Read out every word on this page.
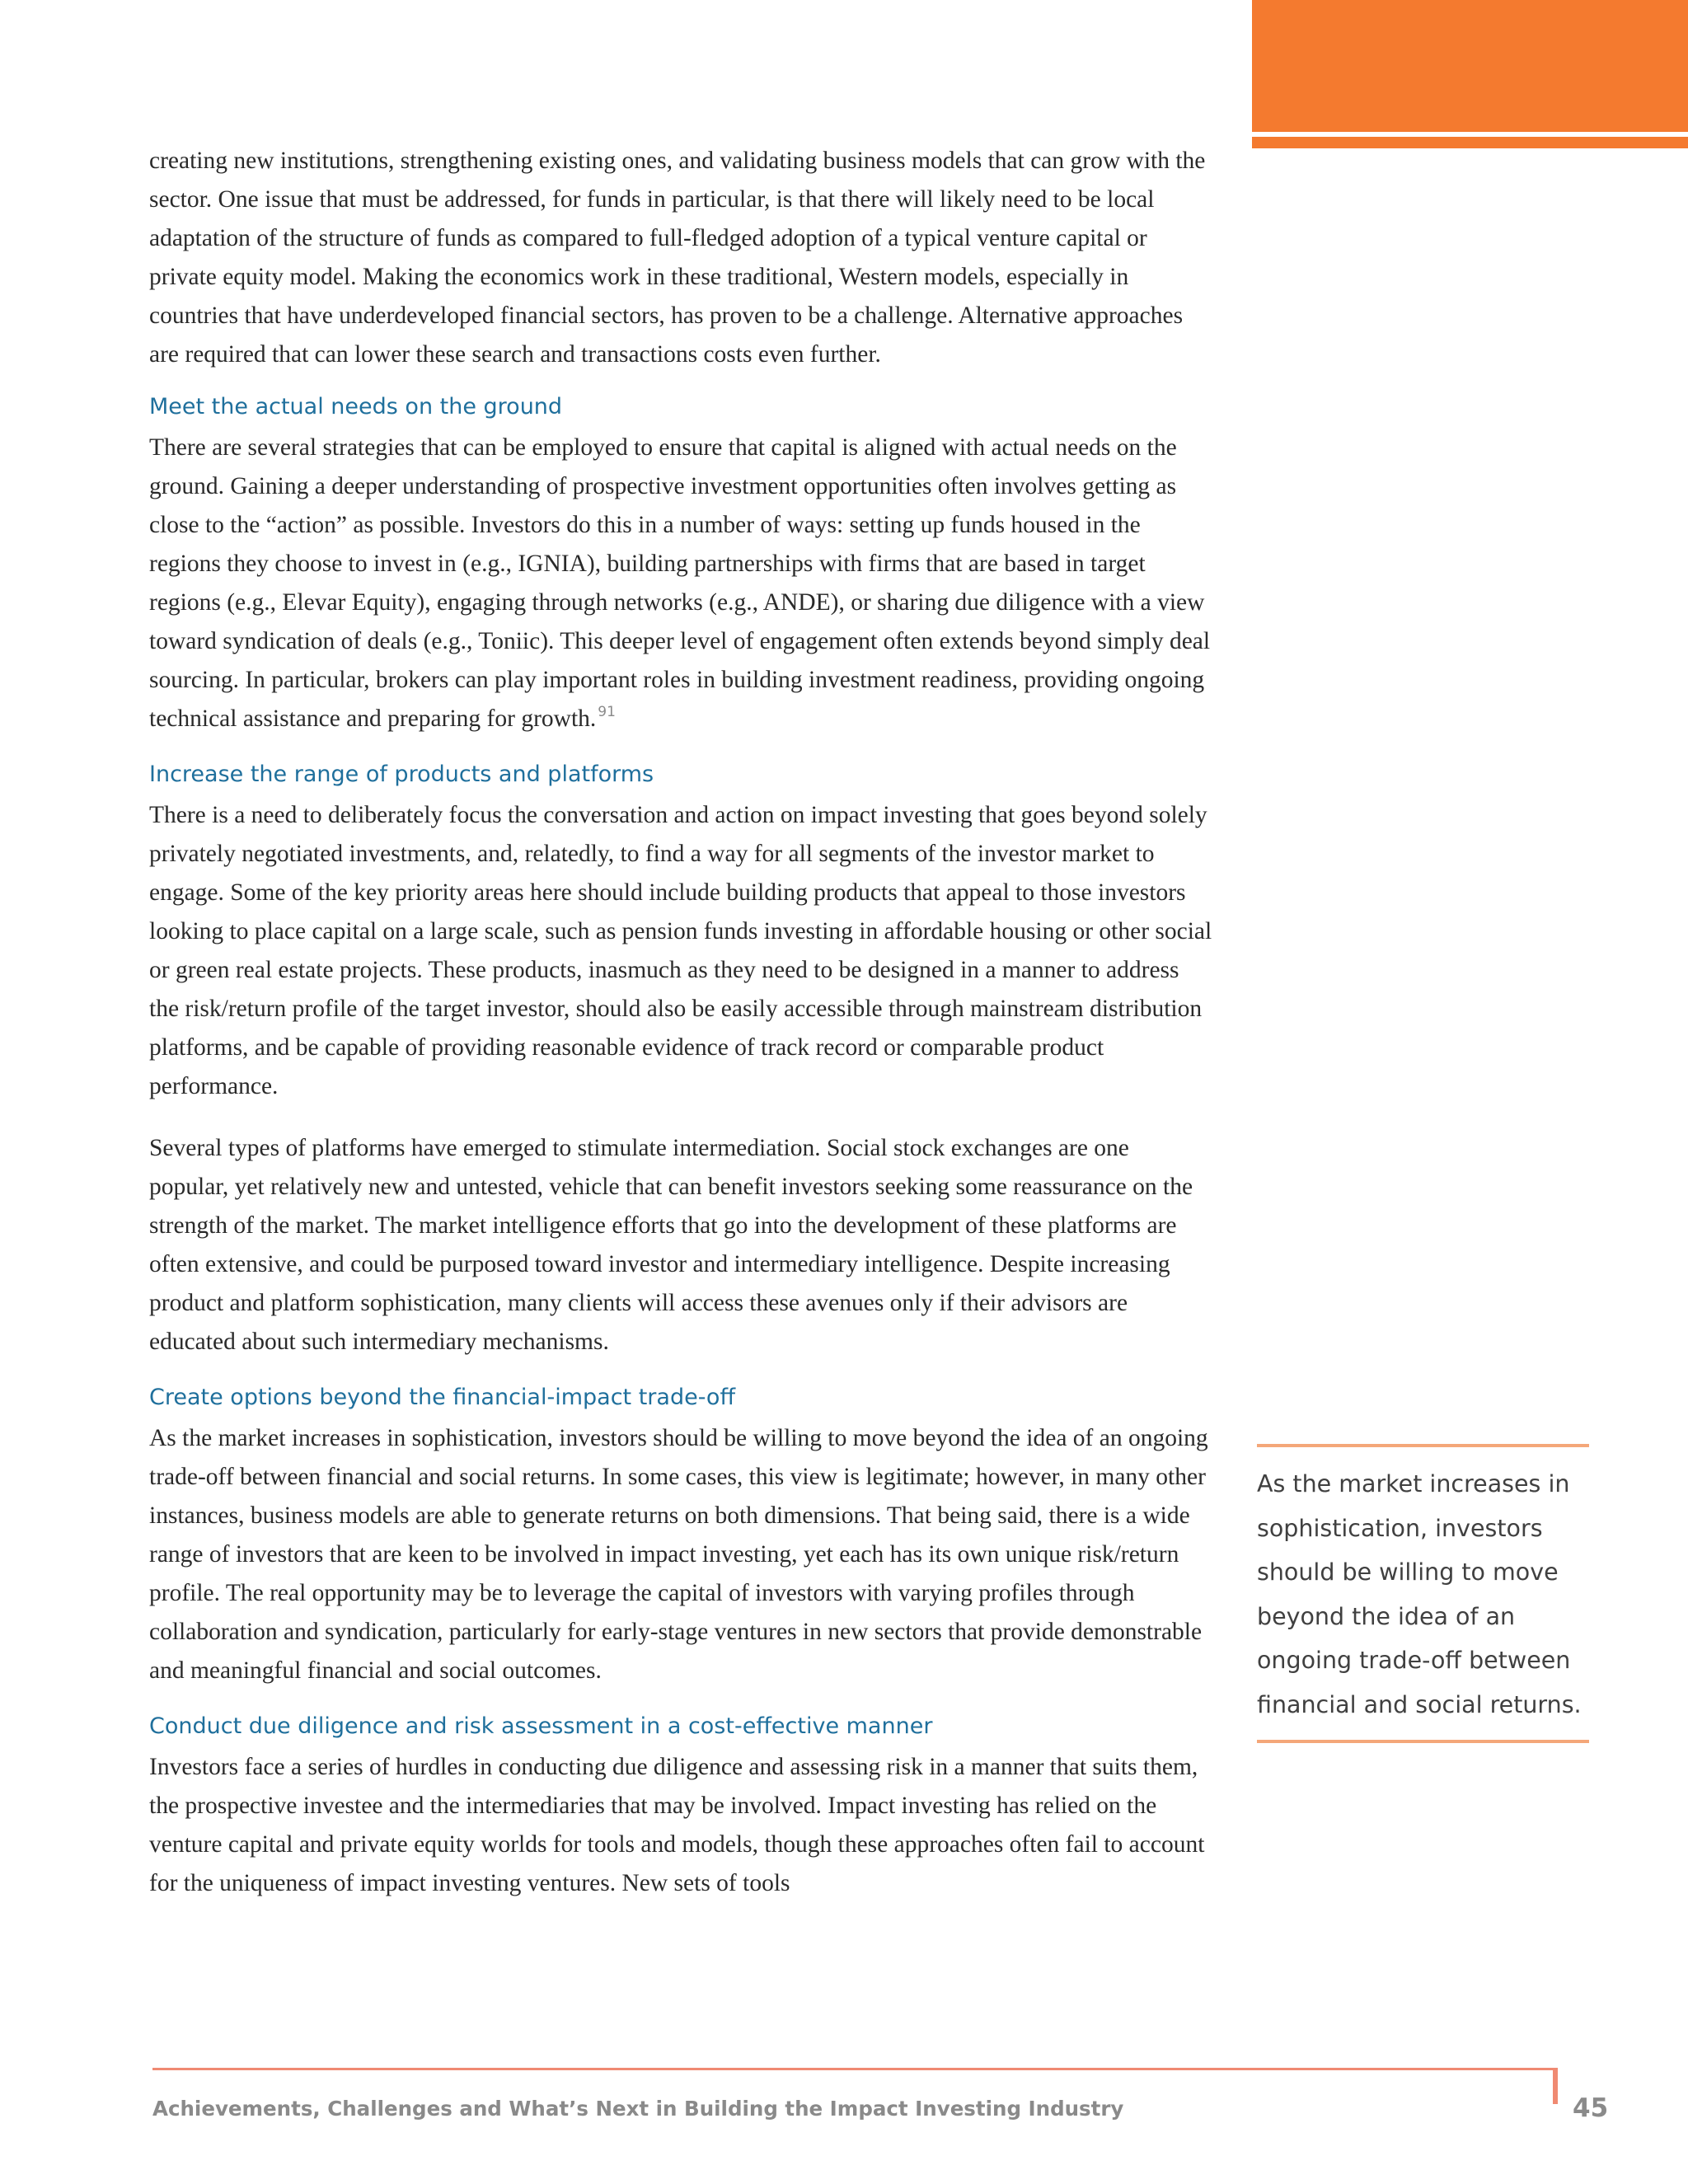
creating new institutions, strengthening existing ones, and validating business models that can grow with the sector. One issue that must be addressed, for funds in particular, is that there will likely need to be local adaptation of the structure of funds as compared to full-fledged adoption of a typical venture capital or private equity model. Making the economics work in these traditional, Western models, especially in countries that have underdeveloped financial sectors, has proven to be a challenge. Alternative approaches are required that can lower these search and transactions costs even further.

Meet the actual needs on the ground

There are several strategies that can be employed to ensure that capital is aligned with actual needs on the ground. Gaining a deeper understanding of prospective investment opportunities often involves getting as close to the “action” as possible. Investors do this in a number of ways: setting up funds housed in the regions they choose to invest in (e.g., IGNIA), building partnerships with firms that are based in target regions (e.g., Elevar Equity), engaging through networks (e.g., ANDE), or sharing due diligence with a view toward syndication of deals (e.g., Toniic). This deeper level of engagement often extends beyond simply deal sourcing. In particular, brokers can play important roles in building investment readiness, providing ongoing technical assistance and preparing for growth. $^{91}$

Increase the range of products and platforms

There is a need to deliberately focus the conversation and action on impact investing that goes beyond solely privately negotiated investments, and, relatedly, to find a way for all segments of the investor market to engage. Some of the key priority areas here should include building products that appeal to those investors looking to place capital on a large scale, such as pension funds investing in affordable housing or other social or green real estate projects. These products, inasmuch as they need to be designed in a manner to address the risk/return profile of the target investor, should also be easily accessible through mainstream distribution platforms, and be capable of providing reasonable evidence of track record or comparable product performance.

Several types of platforms have emerged to stimulate intermediation. Social stock exchanges are one popular, yet relatively new and untested, vehicle that can benefit investors seeking some reassurance on the strength of the market. The market intelligence efforts that go into the development of these platforms are often extensive, and could be purposed toward investor and intermediary intelligence. Despite increasing product and platform sophistication, many clients will access these avenues only if their advisors are educated about such intermediary mechanisms.

Create options beyond the financial-impact trade-off

As the market increases in sophistication, investors should be willing to move beyond the idea of an ongoing trade-off between financial and social returns. In some cases, this view is legitimate; however, in many other instances, business models are able to generate returns on both dimensions. That being said, there is a wide range of investors that are keen to be involved in impact investing, yet each has its own unique risk/return profile. The real opportunity may be to leverage the capital of investors with varying profiles through collaboration and syndication, particularly for early-stage ventures in new sectors that provide demonstrable and meaningful financial and social outcomes.

Conduct due diligence and risk assessment in a cost-effective manner

Investors face a series of hurdles in conducting due diligence and assessing risk in a manner that suits them, the prospective investee and the intermediaries that may be involved. Impact investing has relied on the venture capital and private equity worlds for tools and models, though these approaches often fail to account for the uniqueness of impact investing ventures. New sets of tools

As the market increases in
sophistication, investors
should be willing to move
beyond the idea of an
ongoing trade-off between
financial and social returns.
Achievements, Challenges and What’s Next in Building the Impact Investing Industry	45
